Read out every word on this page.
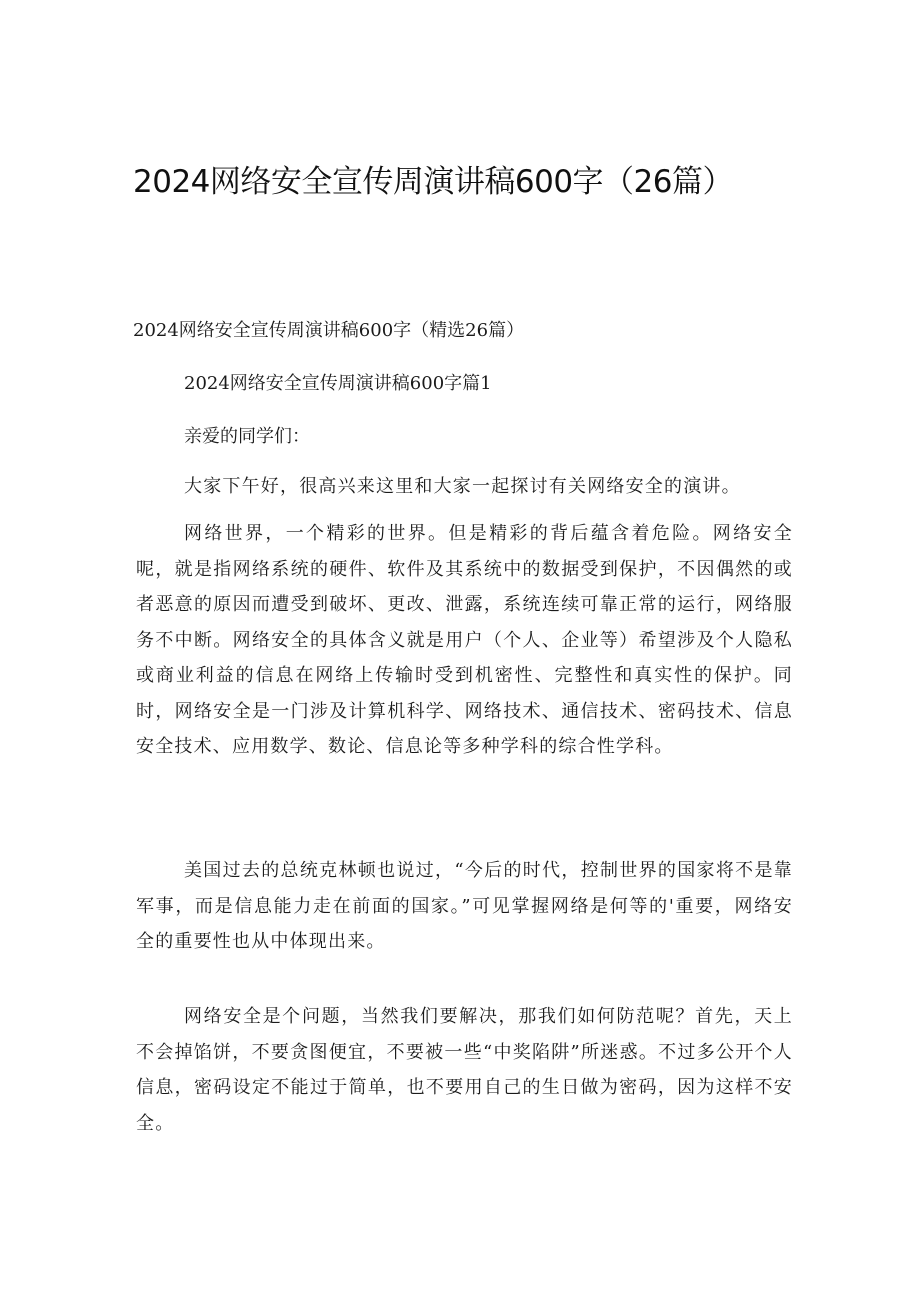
2024网络安全宣传周演讲稿600字（26篇）
2024网络安全宣传周演讲稿600字（精选26篇）
2024网络安全宣传周演讲稿600字篇1
亲爱的同学们：

大家下午好，很高兴来这里和大家一起探讨有关网络安全的演讲。

网络世界，一个精彩的世界。但是精彩的背后蕴含着危险。网络安全呢，就是指网络系统的硬件、软件及其系统中的数据受到保护，不因偶然的或者恶意的原因而遭受到破坏、更改、泄露，系统连续可靠正常的运行，网络服务不中断。网络安全的具体含义就是用户（个人、企业等）希望涉及个人隐私或商业利益的信息在网络上传输时受到机密性、完整性和真实性的保护。同时，网络安全是一门涉及计算机科学、网络技术、通信技术、密码技术、信息安全技术、应用数学、数论、信息论等多种学科的综合性学科。

美国过去的总统克林顿也说过，“今后的时代，控制世界的国家将不是靠军事，而是信息能力走在前面的国家。”可见掌握网络是何等的'重要，网络安全的重要性也从中体现出来。

网络安全是个问题，当然我们要解决，那我们如何防范呢？首先，天上不会掉馅饼，不要贪图便宜，不要被一些“中奖陷阱”所迷惑。不过多公开个人信息，密码设定不能过于简单，也不要用自己的生日做为密码，因为这样不安全。
